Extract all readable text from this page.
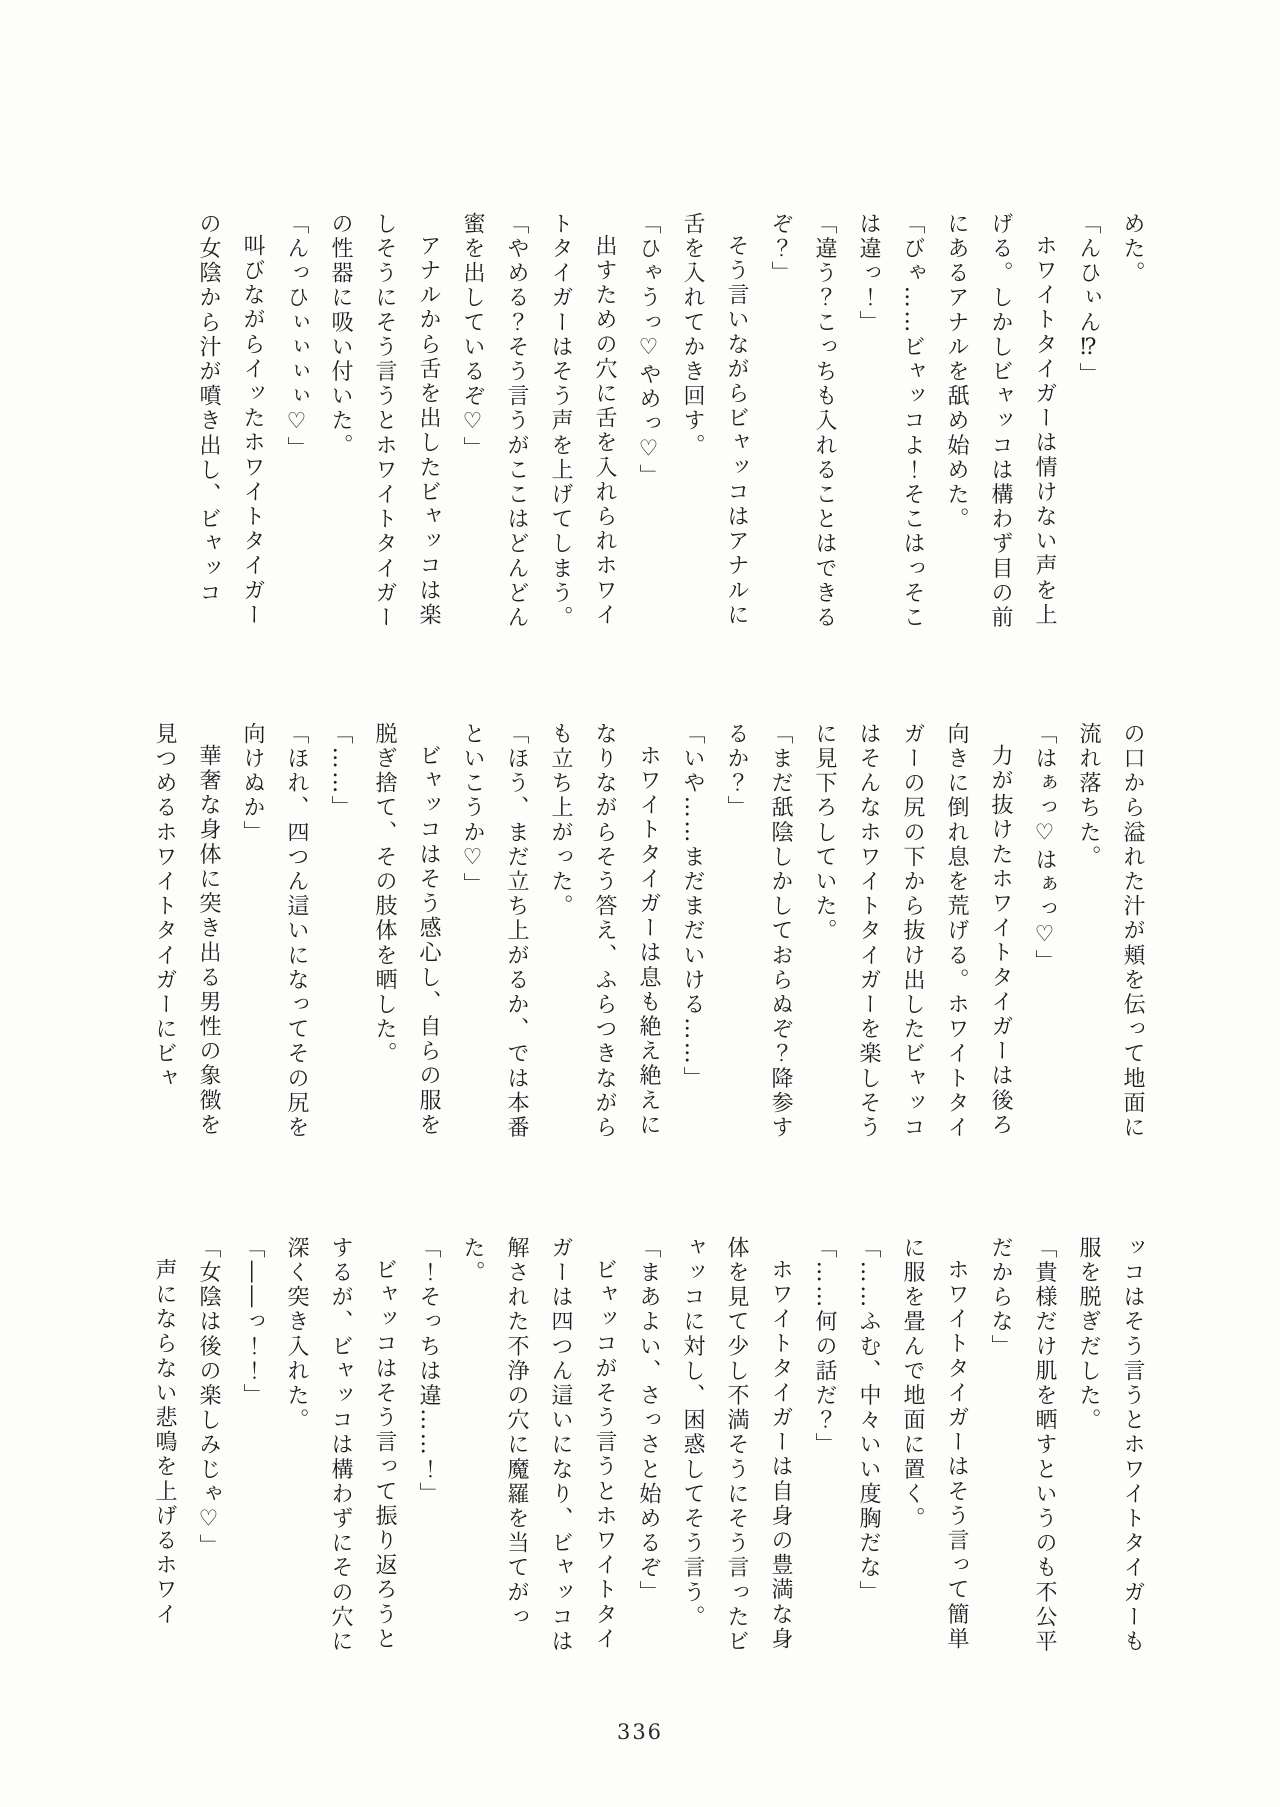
めた。

「んひぃん⁉」

ホワイトタイガーは情けない声を上げる。しかしビャッコは構わず目の前にあるアナルを舐め始めた。

「びゃ……ビャッコよ！そこはっそこは違っ！」

「違う？こっちも入れることはできるぞ？」

そう言いながらビャッコはアナルに舌を入れてかき回す。

「ひゃうっ♡やめっ♡」

出すための穴に舌を入れられホワイトタイガーはそう声を上げてしまう。

「やめる？そう言うがここはどんどん蜜を出しているぞ♡」

アナルから舌を出したビャッコは楽しそうにそう言うとホワイトタイガーの性器に吸い付いた。

「んっひぃぃぃぃ♡」

叫びながらイッたホワイトタイガーの女陰から汁が噴き出し、ビャッコ

の口から溢れた汁が頬を伝って地面に流れ落ちた。

「はぁっ♡はぁっ♡」

力が抜けたホワイトタイガーは後ろ向きに倒れ息を荒げる。ホワイトタイガーの尻の下から抜け出したビャッコはそんなホワイトタイガーを楽しそうに見下ろしていた。

「まだ舐陰しかしておらぬぞ？降参するか？」

「いや……まだまだいける……」

ホワイトタイガーは息も絶え絶えになりながらそう答え、ふらつきながらも立ち上がった。

「ほう、まだ立ち上がるか、では本番といこうか♡」

ビャッコはそう感心し、自らの服を脱ぎ捨て、その肢体を晒した。

「……」

「ほれ、四つん這いになってその尻を向けぬか」

華奢な身体に突き出る男性の象徴を見つめるホワイトタイガーにビャ

ッコはそう言うとホワイトタイガーも服を脱ぎだした。

「貴様だけ肌を晒すというのも不公平だからな」

ホワイトタイガーはそう言って簡単に服を畳んで地面に置く。

「……ふむ、中々いい度胸だな」

「……何の話だ？」

ホワイトタイガーは自身の豊満な身体を見て少し不満そうにそう言ったビャッコに対し、困惑してそう言う。

「まあよい、さっさと始めるぞ」

ビャッコがそう言うとホワイトタイガーは四つん這いになり、ビャッコは解された不浄の穴に魔羅を当てがった。

「！そっちは違……！」

ビャッコはそう言って振り返ろうとするが、ビャッコは構わずにその穴に深く突き入れた。

「――っ！！」

「女陰は後の楽しみじゃ♡」

声にならない悲鳴を上げるホワイ

336
